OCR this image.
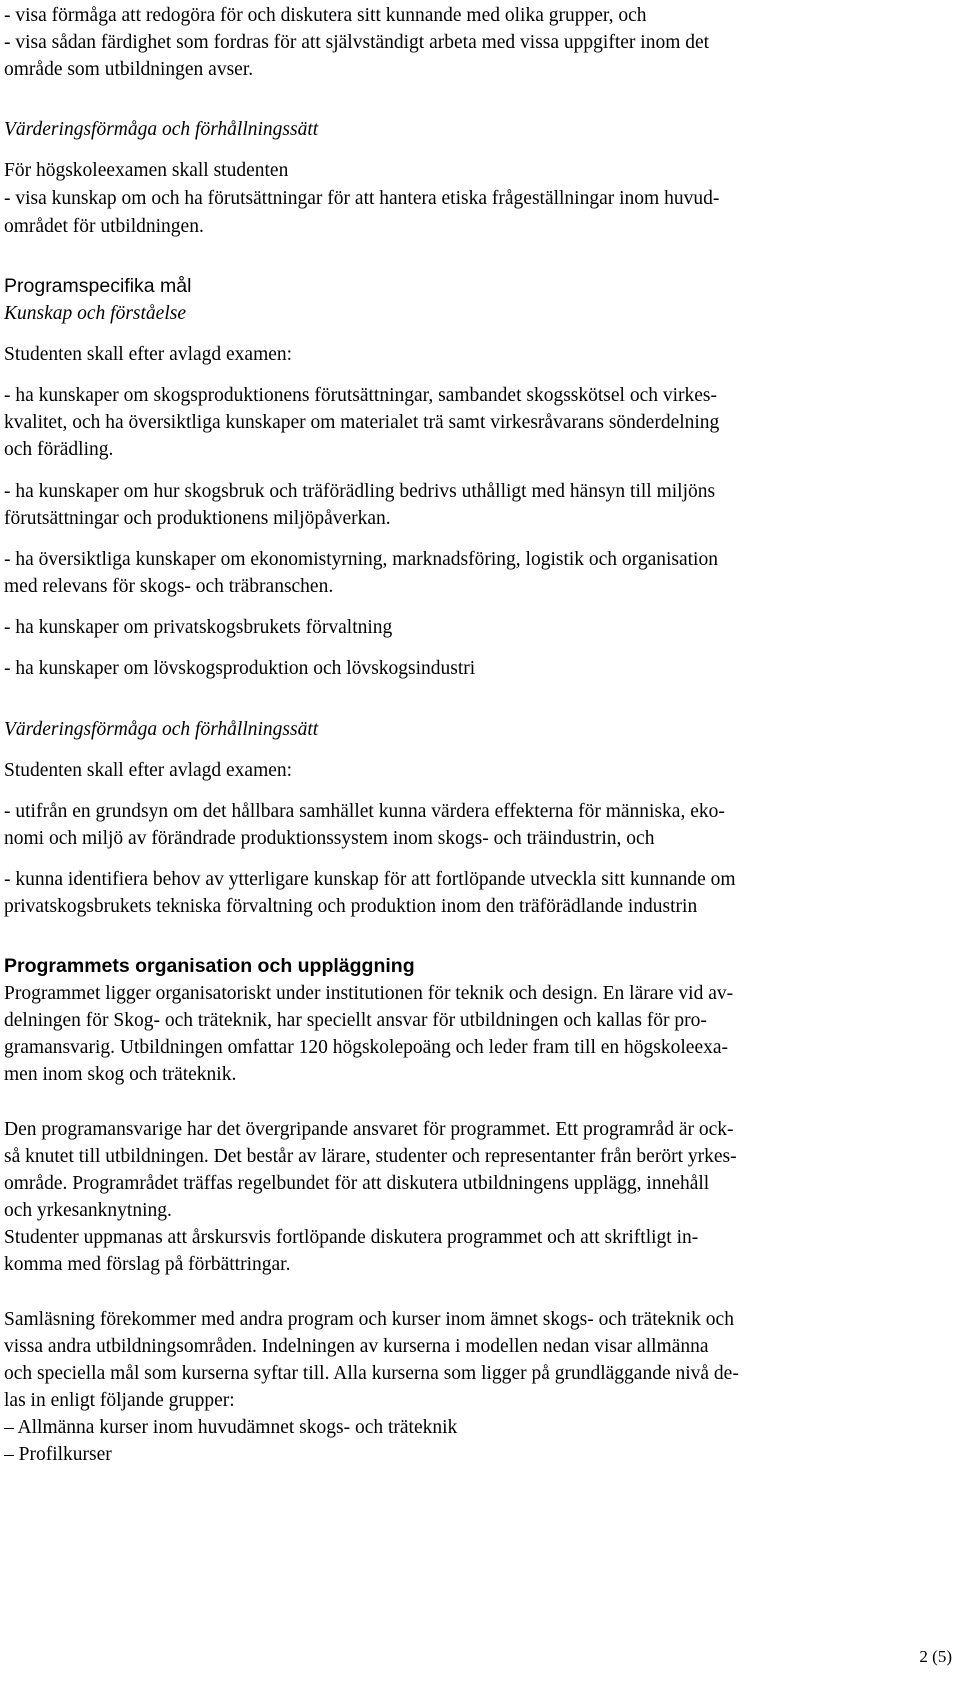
- visa förmåga att redogöra för och diskutera sitt kunnande med olika grupper, och

- visa sådan färdighet som fordras för att självständigt arbeta med vissa uppgifter inom det

område som utbildningen avser.

Värderingsförmåga och förhållningssätt

För högskoleexamen skall studenten

- visa kunskap om och ha förutsättningar för att hantera etiska frågeställningar inom huvud-

området för utbildningen.

Programspecifika mål

Kunskap och förståelse

Studenten skall efter avlagd examen:

- ha kunskaper om skogsproduktionens förutsättningar, sambandet skogsskötsel och virkes-

kvalitet, och ha översiktliga kunskaper om materialet trä samt virkesråvarans sönderdelning

och förädling.

- ha kunskaper om hur skogsbruk och träförädling bedrivs uthålligt med hänsyn till miljöns

förutsättningar och produktionens miljöpåverkan.

- ha översiktliga kunskaper om ekonomistyrning, marknadsföring, logistik och organisation

med relevans för skogs- och träbranschen.

- ha kunskaper om privatskogsbrukets förvaltning

- ha kunskaper om lövskogsproduktion och lövskogsindustri

Värderingsförmåga och förhållningssätt

Studenten skall efter avlagd examen:

- utifrån en grundsyn om det hållbara samhället kunna värdera effekterna för människa, eko-

nomi och miljö av förändrade produktionssystem inom skogs- och träindustrin, och

- kunna identifiera behov av ytterligare kunskap för att fortlöpande utveckla sitt kunnande om

privatskogsbrukets tekniska förvaltning och produktion inom den träförädlande industrin

Programmets organisation och uppläggning

Programmet ligger organisatoriskt under institutionen för teknik och design. En lärare vid av-

delningen för Skog- och träteknik, har speciellt ansvar för utbildningen och kallas för pro-

gramansvarig. Utbildningen omfattar 120 högskolepoäng och leder fram till en högskoleexa-

men inom skog och träteknik.

Den programansvarige har det övergripande ansvaret för programmet. Ett programråd är ock-

så knutet till utbildningen. Det består av lärare, studenter och representanter från berört yrkes-

område. Programrådet träffas regelbundet för att diskutera utbildningens upplägg, innehåll

och yrkesanknytning.

Studenter uppmanas att årskursvis fortlöpande diskutera programmet och att skriftligt in-

komma med förslag på förbättringar.

Samläsning förekommer med andra program och kurser inom ämnet skogs- och träteknik och

vissa andra utbildningsområden. Indelningen av kurserna i modellen nedan visar allmänna

och speciella mål som kurserna syftar till. Alla kurserna som ligger på grundläggande nivå de-

las in enligt följande grupper:

– Allmänna kurser inom huvudämnet skogs- och träteknik

– Profilkurser

2 (5)
